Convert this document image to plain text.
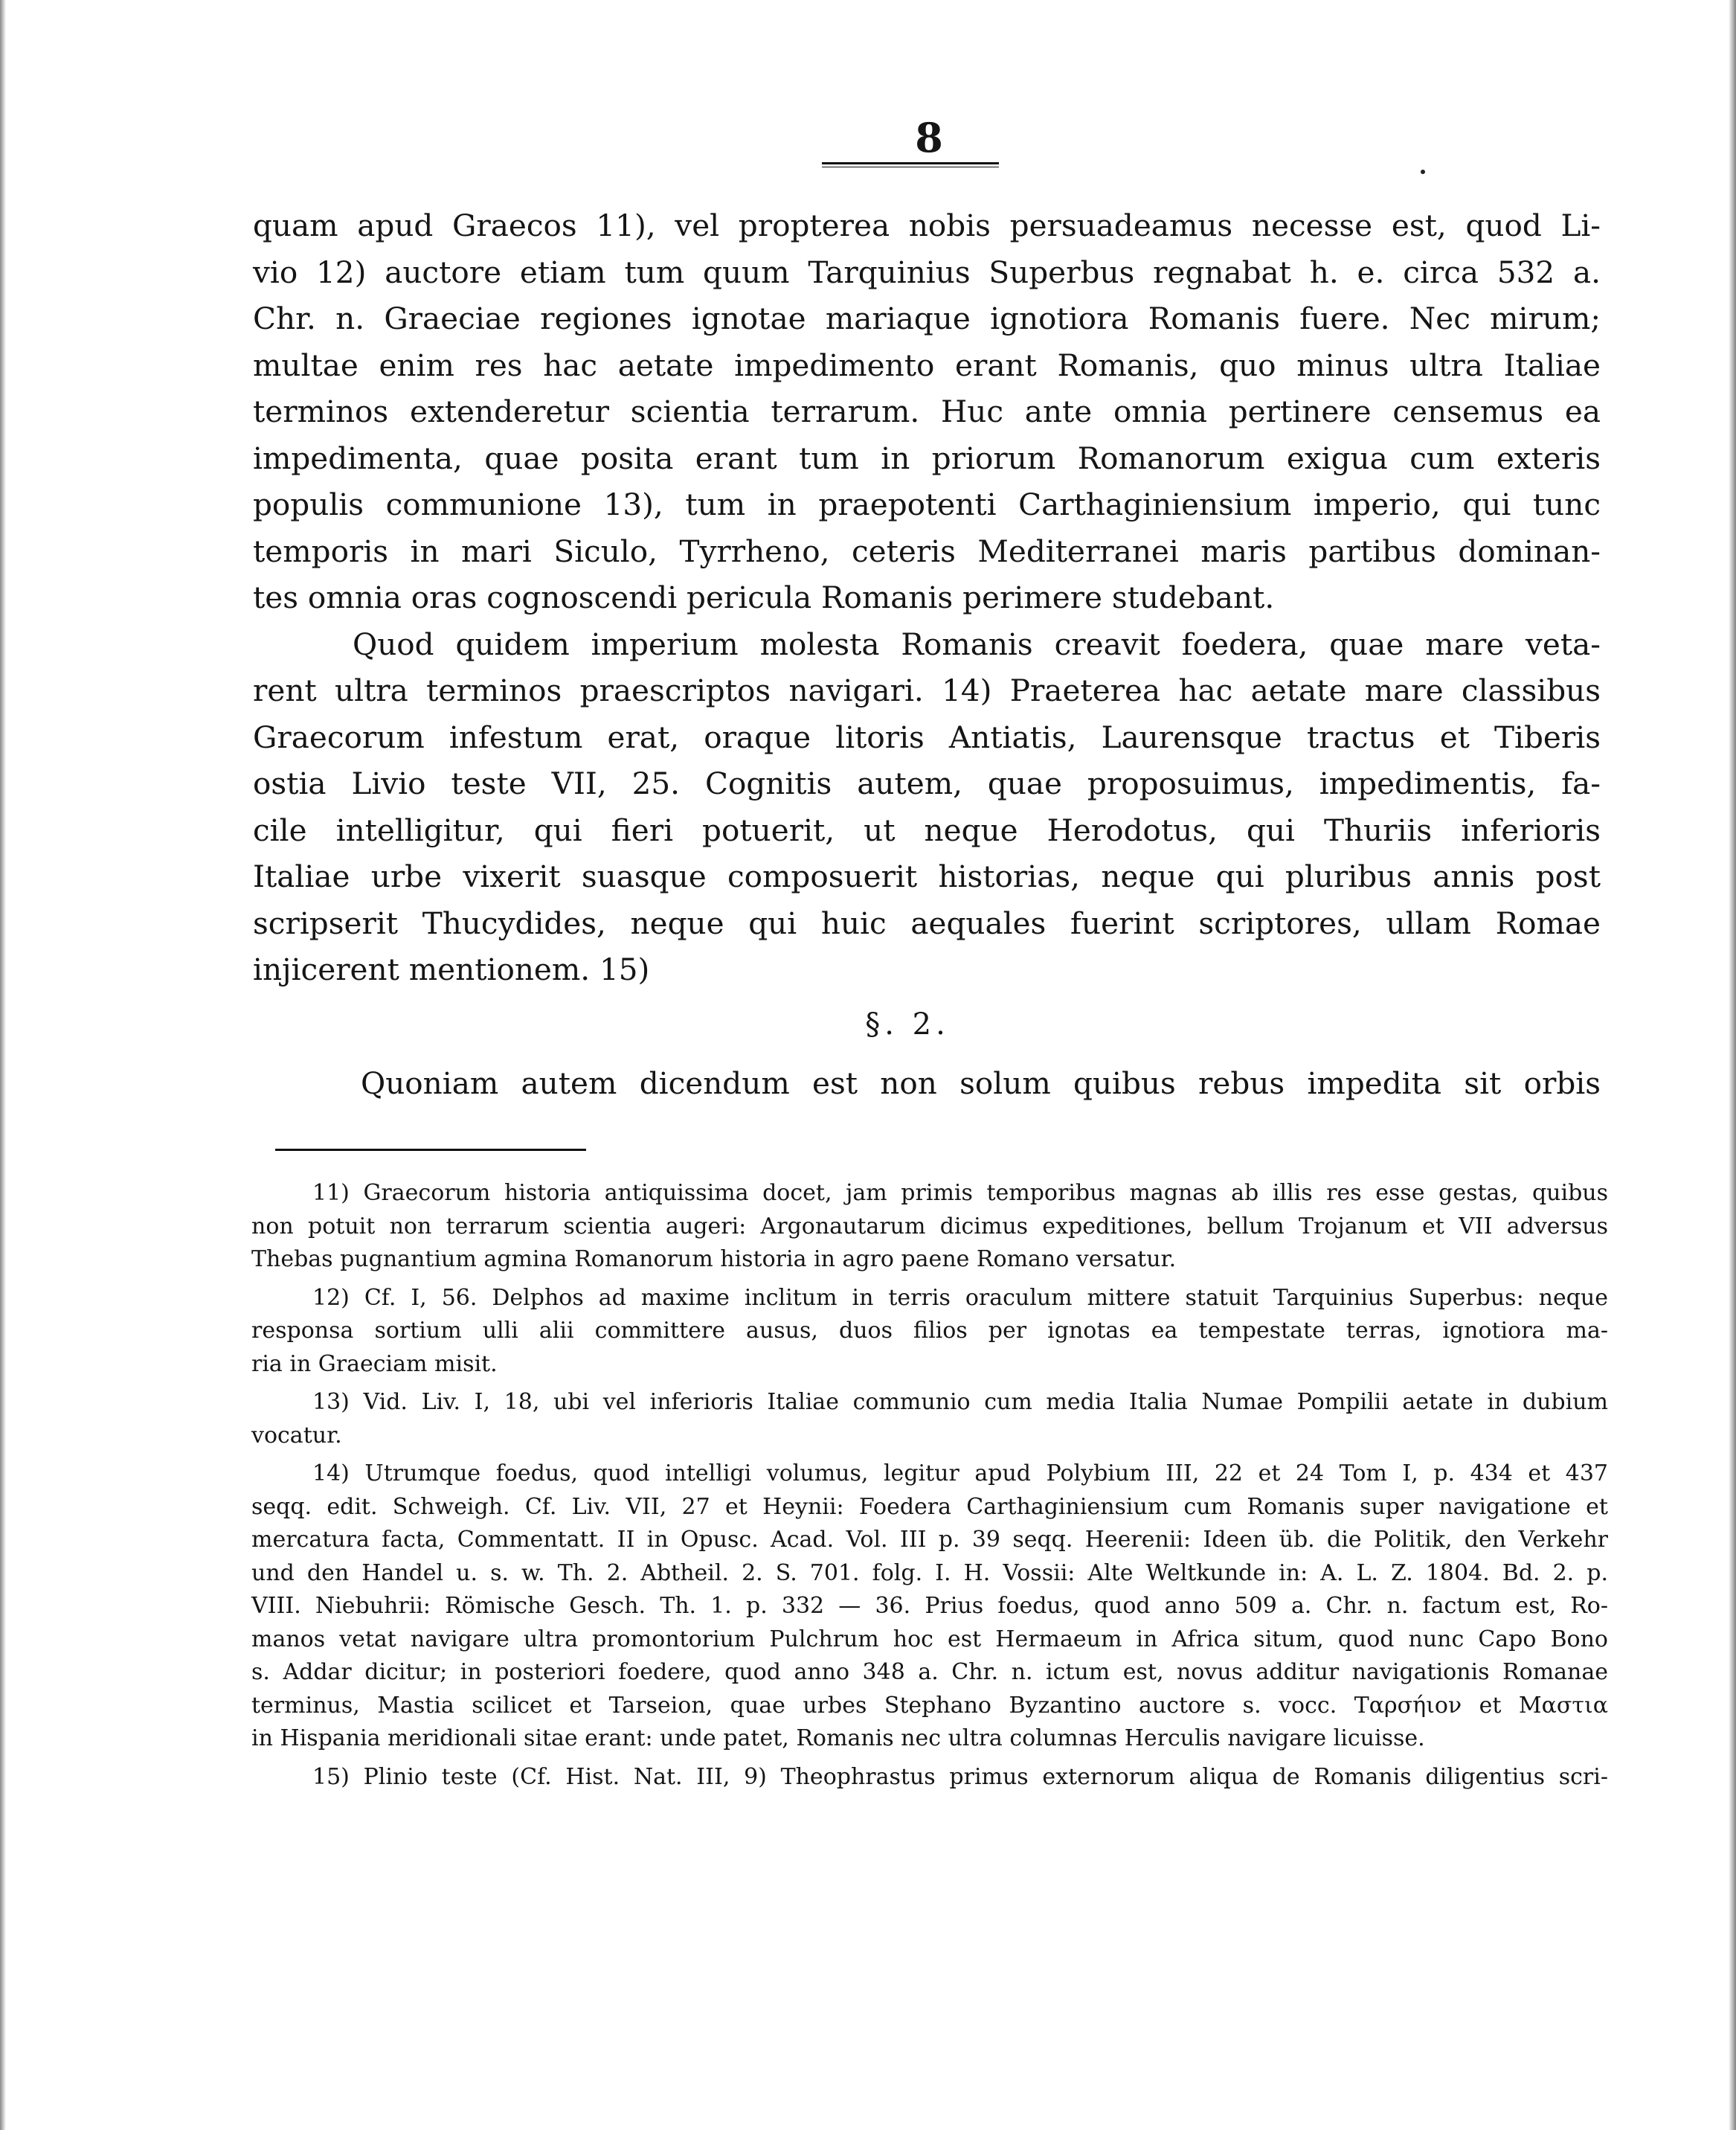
8

quam apud Graecos 11), vel propterea nobis persuadeamus necesse est, quod Li-
vio 12) auctore etiam tum quum Tarquinius Superbus regnabat h. e. circa 532 a.
Chr. n. Graeciae regiones ignotae mariaque ignotiora Romanis fuere. Nec mirum;
multae enim res hac aetate impedimento erant Romanis, quo minus ultra Italiae
terminos extenderetur scientia terrarum. Huc ante omnia pertinere censemus ea
impedimenta, quae posita erant tum in priorum Romanorum exigua cum exteris
populis communione 13), tum in praepotenti Carthaginiensium imperio, qui tunc
temporis in mari Siculo, Tyrrheno, ceteris Mediterranei maris partibus dominan-
tes omnia oras cognoscendi pericula Romanis perimere studebant.

Quod quidem imperium molesta Romanis creavit foedera, quae mare veta-
rent ultra terminos praescriptos navigari. 14) Praeterea hac aetate mare classibus
Graecorum infestum erat, oraque litoris Antiatis, Laurensque tractus et Tiberis
ostia Livio teste VII, 25. Cognitis autem, quae proposuimus, impedimentis, fa-
cile intelligitur, qui fieri potuerit, ut neque Herodotus, qui Thuriis inferioris
Italiae urbe vixerit suasque composuerit historias, neque qui pluribus annis post
scripserit Thucydides, neque qui huic aequales fuerint scriptores, ullam Romae
injicerent mentionem. 15)

§. 2.
Quoniam autem dicendum est non solum quibus rebus impedita sit orbis
11) Graecorum historia antiquissima docet, jam primis temporibus magnas ab illis res esse gestas, quibus
non potuit non terrarum scientia augeri: Argonautarum dicimus expeditiones, bellum Trojanum et VII adversus
Thebas pugnantium agmina Romanorum historia in agro paene Romano versatur.
12) Cf. I, 56. Delphos ad maxime inclitum in terris oraculum mittere statuit Tarquinius Superbus: neque
responsa sortium ulli alii committere ausus, duos filios per ignotas ea tempestate terras, ignotiora ma-
ria in Graeciam misit.
13) Vid. Liv. I, 18, ubi vel inferioris Italiae communio cum media Italia Numae Pompilii aetate in dubium
vocatur.
14) Utrumque foedus, quod intelligi volumus, legitur apud Polybium III, 22 et 24 Tom I, p. 434 et 437
seqq. edit. Schweigh. Cf. Liv. VII, 27 et Heynii: Foedera Carthaginiensium cum Romanis super navigatione et
mercatura facta, Commentatt. II in Opusc. Acad. Vol. III p. 39 seqq. Heerenii: Ideen üb. die Politik, den Verkehr
und den Handel u. s. w. Th. 2. Abtheil. 2. S. 701. folg. I. H. Vossii: Alte Weltkunde in: A. L. Z. 1804. Bd. 2. p.
VIII. Niebuhrii: Römische Gesch. Th. 1. p. 332 — 36. Prius foedus, quod anno 509 a. Chr. n. factum est, Ro-
manos vetat navigare ultra promontorium Pulchrum hoc est Hermaeum in Africa situm, quod nunc Capo Bono
s. Addar dicitur; in posteriori foedere, quod anno 348 a. Chr. n. ictum est, novus additur navigationis Romanae
terminus, Mastia scilicet et Tarseion, quae urbes Stephano Byzantino auctore s. vocc. Ταρσήιον et Μαστια
in Hispania meridionali sitae erant: unde patet, Romanis nec ultra columnas Herculis navigare licuisse.
15) Plinio teste (Cf. Hist. Nat. III, 9) Theophrastus primus externorum aliqua de Romanis diligentius scri-
